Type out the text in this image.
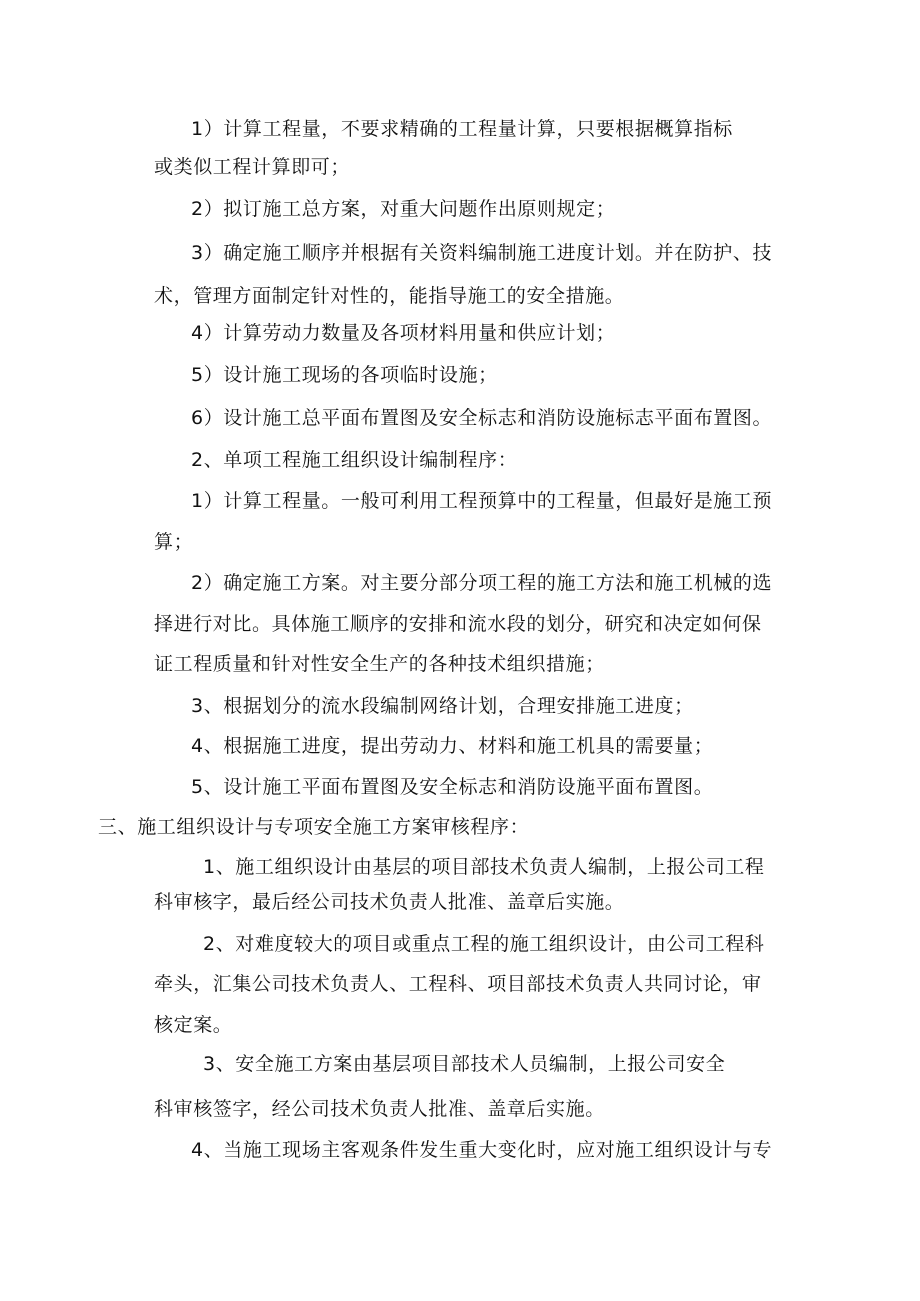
1）计算工程量，不要求精确的工程量计算，只要根据概算指标
或类似工程计算即可；
2）拟订施工总方案，对重大问题作出原则规定；
3）确定施工顺序并根据有关资料编制施工进度计划。并在防护、技
术，管理方面制定针对性的，能指导施工的安全措施。
4）计算劳动力数量及各项材料用量和供应计划；
5）设计施工现场的各项临时设施；
6）设计施工总平面布置图及安全标志和消防设施标志平面布置图。
2、单项工程施工组织设计编制程序：
1）计算工程量。一般可利用工程预算中的工程量，但最好是施工预
算；
2）确定施工方案。对主要分部分项工程的施工方法和施工机械的选
择进行对比。具体施工顺序的安排和流水段的划分，研究和决定如何保
证工程质量和针对性安全生产的各种技术组织措施；
3、根据划分的流水段编制网络计划，合理安排施工进度；
4、根据施工进度，提出劳动力、材料和施工机具的需要量；
5、设计施工平面布置图及安全标志和消防设施平面布置图。
三、施工组织设计与专项安全施工方案审核程序：
1、施工组织设计由基层的项目部技术负责人编制，上报公司工程
科审核字，最后经公司技术负责人批准、盖章后实施。
2、对难度较大的项目或重点工程的施工组织设计，由公司工程科
牵头，汇集公司技术负责人、工程科、项目部技术负责人共同讨论，审
核定案。
3、安全施工方案由基层项目部技术人员编制，上报公司安全
科审核签字，经公司技术负责人批准、盖章后实施。
4、当施工现场主客观条件发生重大变化时，应对施工组织设计与专
